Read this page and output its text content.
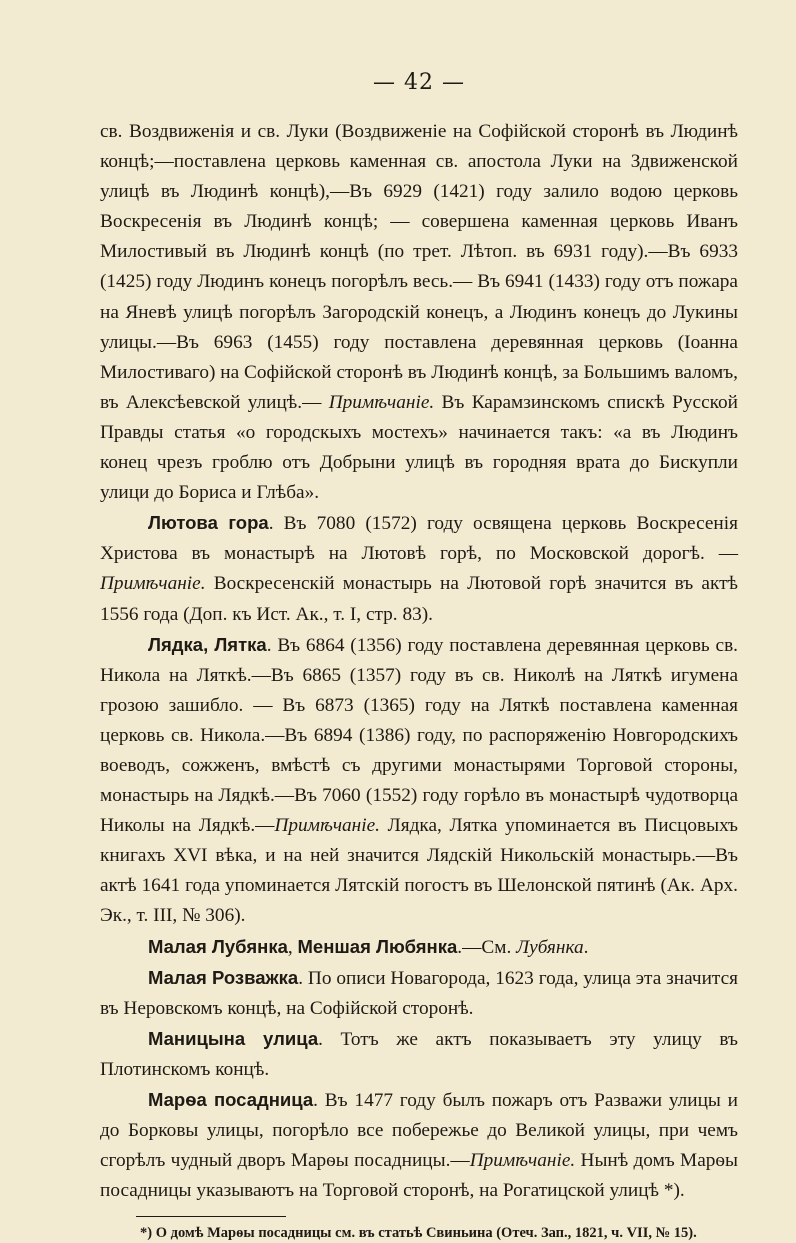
— 42 —

св. Воздвиженія и св. Луки (Воздвиженіе на Софійской сторонѣ въ Людинѣ концѣ;—поставлена церковь каменная св. апостола Луки на Здвиженской улицѣ въ Людинѣ концѣ),—Въ 6929 (1421) году залило водою церковь Воскресенія въ Людинѣ концѣ; — совершена каменная церковь Иванъ Милостивый въ Людинѣ концѣ (по трет. Лѣтоп. въ 6931 году).—Въ 6933 (1425) году Людинъ конецъ погорѣлъ весь.— Въ 6941 (1433) году отъ пожара на Яневѣ улицѣ погорѣлъ Загородскій конецъ, а Людинъ конецъ до Лукины улицы.—Въ 6963 (1455) году поставлена деревянная церковь (Іоанна Милостиваго) на Софійской сторонѣ въ Людинѣ концѣ, за Большимъ валомъ, въ Алексѣевской улицѣ.— Примѣчаніе. Въ Карамзинскомъ спискѣ Русской Правды статья «о городскыхъ мостехъ» начинается такъ: «а въ Людинъ конец чрезъ гроблю отъ Добрыни улицѣ въ городняя врата до Бискупли улици до Бориса и Глѣба».

Лютова гора. Въ 7080 (1572) году освящена церковь Воскресенія Христова въ монастырѣ на Лютовѣ горѣ, по Московской дорогѣ. — Примѣчаніе. Воскресенскій монастырь на Лютовой горѣ значится въ актѣ 1556 года (Доп. къ Ист. Ак., т. I, стр. 83).

Лядка, Лятка. Въ 6864 (1356) году поставлена деревянная церковь св. Никола на Ляткѣ.—Въ 6865 (1357) году въ св. Николѣ на Ляткѣ игумена грозою зашибло. — Въ 6873 (1365) году на Ляткѣ поставлена каменная церковь св. Никола.—Въ 6894 (1386) году, по распоряженію Новгородскихъ воеводъ, сожженъ, вмѣстѣ съ другими монастырями Торговой стороны, монастырь на Лядкѣ.—Въ 7060 (1552) году горѣло въ монастырѣ чудотворца Николы на Лядкѣ.—Примѣчаніе. Лядка, Лятка упоминается въ Писцовыхъ книгахъ XVI вѣка, и на ней значится Лядскій Никольскій монастырь.—Въ актѣ 1641 года упоминается Лятскій погостъ въ Шелонской пятинѣ (Ак. Арх. Эк., т. III, № 306).

Малая Лубянка, Меншая Любянка.—См. Лубянка.

Малая Розважка. По описи Новагорода, 1623 года, улица эта значится въ Неровскомъ концѣ, на Софійской сторонѣ.

Маницына улица. Тотъ же актъ показываетъ эту улицу въ Плотинскомъ концѣ.

Марѳа посадница. Въ 1477 году былъ пожаръ отъ Разважи улицы и до Борковы улицы, погорѣло все побережье до Великой улицы, при чемъ сгорѣлъ чудный дворъ Марѳы посадницы.—Примѣчаніе. Нынѣ домъ Марѳы посадницы указываютъ на Торговой сторонѣ, на Рогатицской улицѣ *).

*) О домѣ Марѳы посадницы см. въ статьѣ Свиньина (Отеч. Зап., 1821, ч. VII, № 15).
